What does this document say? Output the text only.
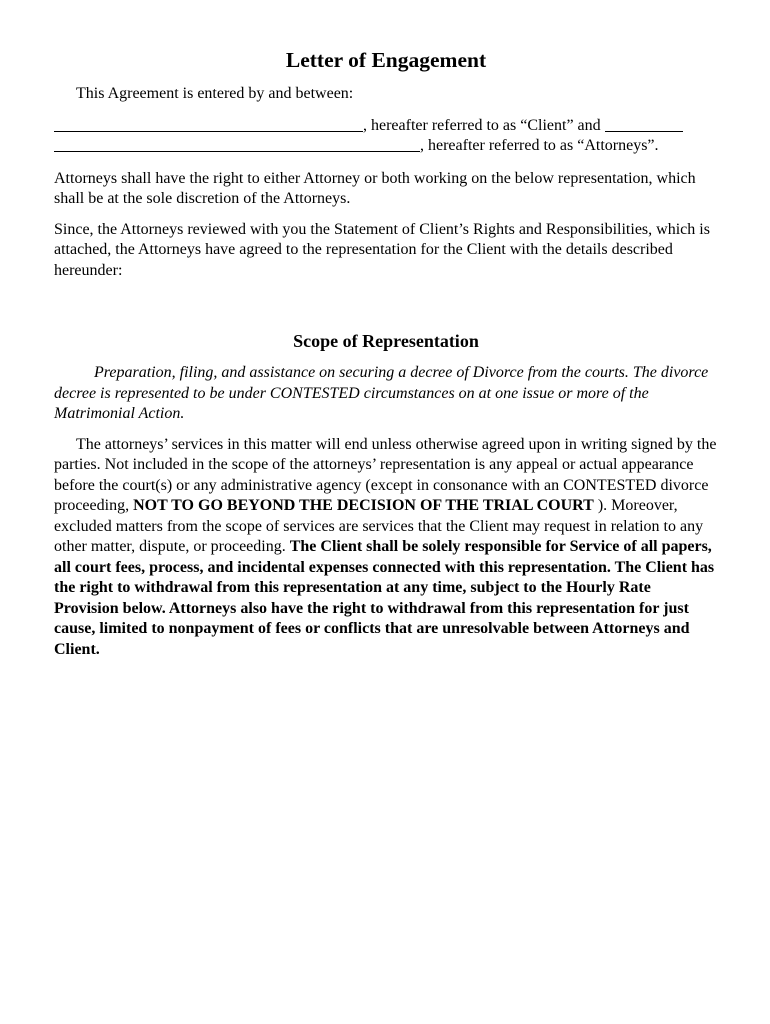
Letter of Engagement

This Agreement is entered by and between:

, hereafter referred to as “Client” and
, hereafter referred to as “Attorneys”.

Attorneys shall have the right to either Attorney or both working on the below representation, which shall be at the sole discretion of the Attorneys.

Since, the Attorneys reviewed with you the Statement of Client’s Rights and Responsibilities, which is attached, the Attorneys have agreed to the representation for the Client with the details described hereunder:

Scope of Representation

Preparation, filing, and assistance on securing a decree of Divorce from the courts. The divorce decree is represented to be under CONTESTED circumstances on at one issue or more of the Matrimonial Action.

The attorneys’ services in this matter will end unless otherwise agreed upon in writing signed by the parties. Not included in the scope of the attorneys’ representation is any appeal or actual appearance before the court(s) or any administrative agency (except in consonance with an CONTESTED divorce proceeding, NOT TO GO BEYOND THE DECISION OF THE TRIAL COURT ). Moreover, excluded matters from the scope of services are services that the Client may request in relation to any other matter, dispute, or proceeding. The Client shall be solely responsible for Service of all papers, all court fees, process, and incidental expenses connected with this representation. The Client has the right to withdrawal from this representation at any time, subject to the Hourly Rate Provision below. Attorneys also have the right to withdrawal from this representation for just cause, limited to nonpayment of fees or conflicts that are unresolvable between Attorneys and Client.
